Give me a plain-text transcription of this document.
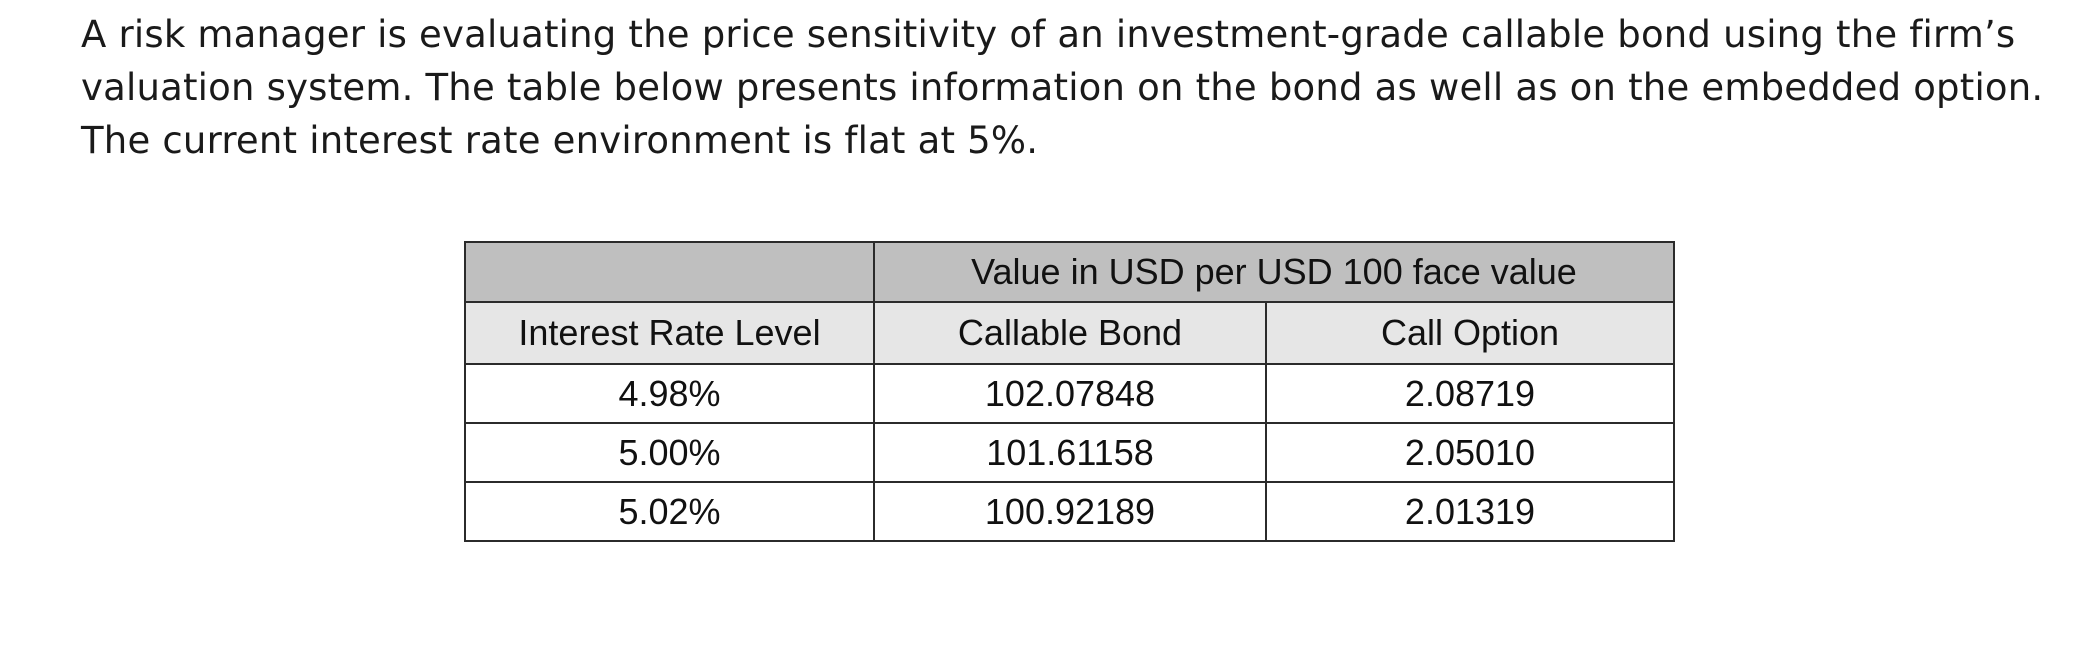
A risk manager is evaluating the price sensitivity of an investment-grade callable bond using the firm’s
valuation system. The table below presents information on the bond as well as on the embedded option.
The current interest rate environment is flat at 5%.
	Value in USD per USD 100 face value	
Interest Rate Level	Callable Bond	Call Option
4.98%	102.07848	2.08719
5.00%	101.61158	2.05010
5.02%	100.92189	2.01319
